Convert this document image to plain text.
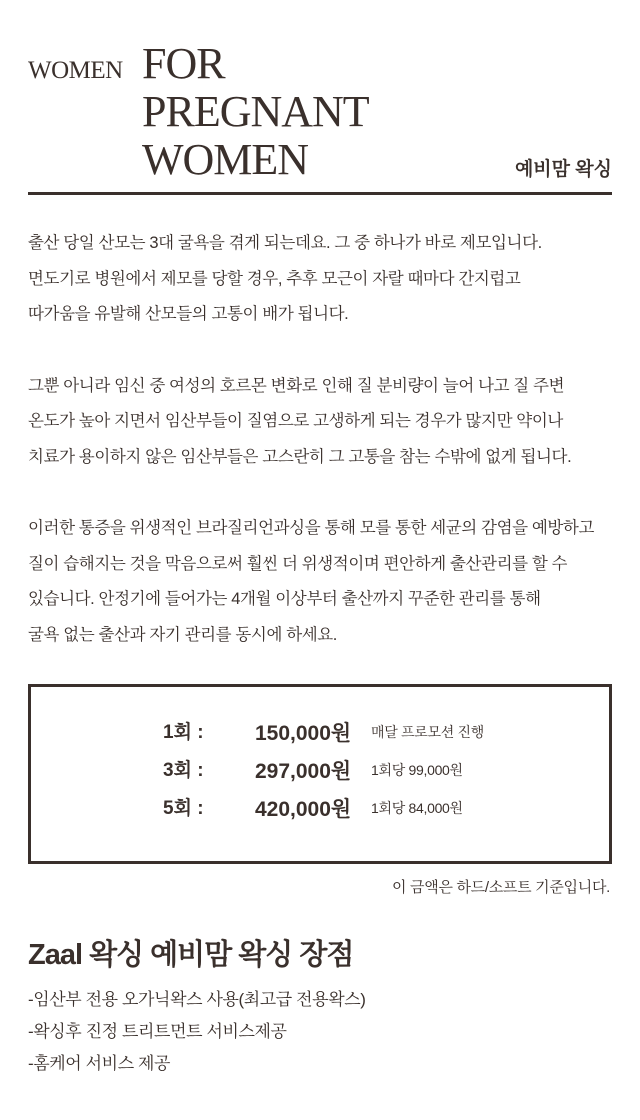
WOMEN FOR
PREGNANT
WOMEN	예비맘 왁싱

출산 당일 산모는 3대 굴욕을 겪게 되는데요. 그 중 하나가 바로 제모입니다.
면도기로 병원에서 제모를 당할 경우, 추후 모근이 자랄 때마다 간지럽고
따가움을 유발해 산모들의 고통이 배가 됩니다.

그뿐 아니라 임신 중 여성의 호르몬 변화로 인해 질 분비량이 늘어 나고 질 주변
온도가 높아 지면서 임산부들이 질염으로 고생하게 되는 경우가 많지만 약이나
치료가 용이하지 않은 임산부들은 고스란히 그 고통을 참는 수밖에 없게 됩니다.

이러한 통증을 위생적인 브라질리언과싱을 통해 모를 통한 세균의 감염을 예방하고
질이 습해지는 것을 막음으로써 훨씬 더 위생적이며 편안하게 출산관리를 할 수
있습니다. 안정기에 들어가는 4개월 이상부터 출산까지 꾸준한 관리를 통해
굴욕 없는 출산과 자기 관리를 동시에 하세요.

1회 : 150,000원 매달 프로모션 진행
3회 : 297,000원 1회당 99,000원
5회 : 420,000원 1회당 84,000원
이 금액은 하드/소프트 기준입니다.
Zaal 왁싱 예비맘 왁싱 장점
-임산부 전용 오가닉왁스 사용(최고급 전용왁스)
-왁싱후 진정 트리트먼트 서비스제공
-홈케어 서비스 제공
